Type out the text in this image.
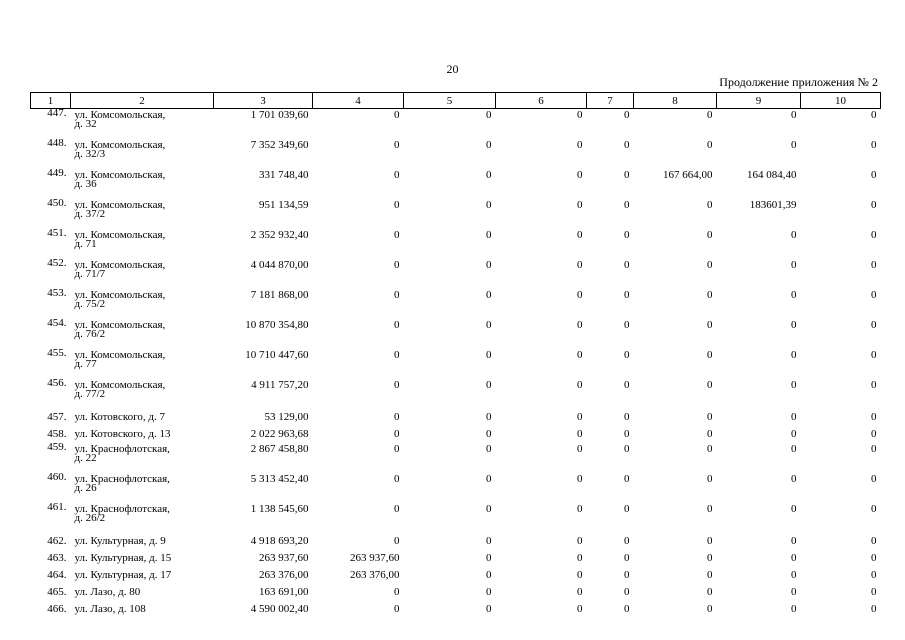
20
Продолжение приложения № 2
1	2	3	4	5	6	7	8	9	10
447.	ул. Комсомольская,
д. 32	1 701 039,60	0	0	0	0	0	0	0
448.	ул. Комсомольская,
д. 32/3	7 352 349,60	0	0	0	0	0	0	0
449.	ул. Комсомольская,
д. 36	331 748,40	0	0	0	0	167 664,00	164 084,40	0
450.	ул. Комсомольская,
д. 37/2	951 134,59	0	0	0	0	0	183601,39	0
451.	ул. Комсомольская,
д. 71	2 352 932,40	0	0	0	0	0	0	0
452.	ул. Комсомольская,
д. 71/7	4 044 870,00	0	0	0	0	0	0	0
453.	ул. Комсомольская,
д. 75/2	7 181 868,00	0	0	0	0	0	0	0
454.	ул. Комсомольская,
д. 76/2	10 870 354,80	0	0	0	0	0	0	0
455.	ул. Комсомольская,
д. 77	10 710 447,60	0	0	0	0	0	0	0
456.	ул. Комсомольская,
д. 77/2	4 911 757,20	0	0	0	0	0	0	0
457.	ул. Котовского, д. 7	53 129,00	0	0	0	0	0	0	0
458.	ул. Котовского, д. 13	2 022 963,68	0	0	0	0	0	0	0
459.	ул. Краснофлотская,
д. 22	2 867 458,80	0	0	0	0	0	0	0
460.	ул. Краснофлотская,
д. 26	5 313 452,40	0	0	0	0	0	0	0
461.	ул. Краснофлотская,
д. 26/2	1 138 545,60	0	0	0	0	0	0	0
462.	ул. Культурная, д. 9	4 918 693,20	0	0	0	0	0	0	0
463.	ул. Культурная, д. 15	263 937,60	263 937,60	0	0	0	0	0	0
464.	ул. Культурная, д. 17	263 376,00	263 376,00	0	0	0	0	0	0
465.	ул. Лазо, д. 80	163 691,00	0	0	0	0	0	0	0
466.	ул. Лазо, д. 108	4 590 002,40	0	0	0	0	0	0	0
